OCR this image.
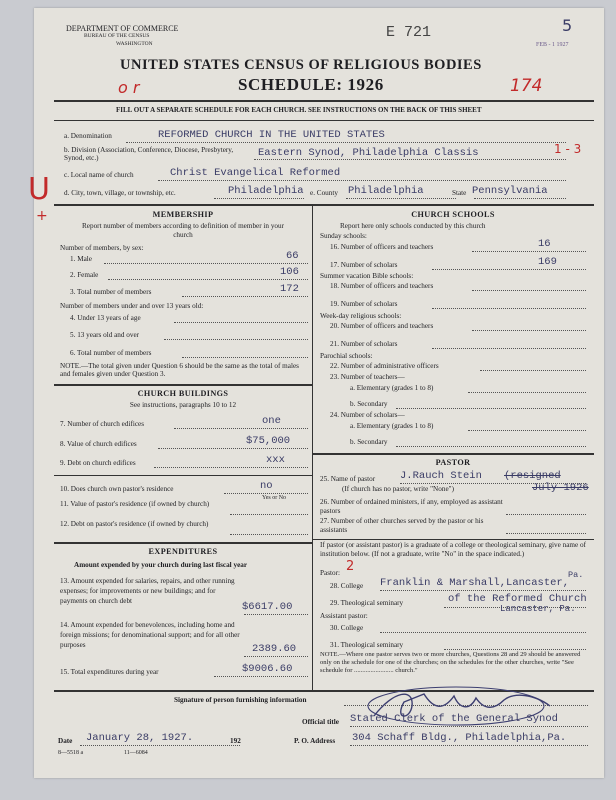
DEPARTMENT OF COMMERCE
BUREAU OF THE CENSUS
WASHINGTON
E 721	5
FEB - 1 1927
UNITED STATES CENSUS OF RELIGIOUS BODIES
SCHEDULE: 1926
o r	174
FILL OUT A SEPARATE SCHEDULE FOR EACH CHURCH. SEE INSTRUCTIONS ON THE BACK OF THIS SHEET
a. Denomination	REFORMED CHURCH IN THE UNITED STATES
b. Division (Association, Conference, Diocese, Presbytery, Synod, etc.)	Eastern Synod, Philadelphia Classis	1 - 3
c. Local name of church	Christ Evangelical Reformed
d. City, town, village, or township, etc.	Philadelphia e. County Philadelphia	State Pennsylvania
U
+	MEMBERSHIP
Report number of members according to definition of member in your church
Number of members, by sex:
1. Male	66
2. Female	106
3. Total number of members	172
Number of members under and over 13 years old:
4. Under 13 years of age
5. 13 years old and over
6. Total number of members
NOTE.—The total given under Question 6 should be the same as the total of males and females given under Question 3.
CHURCH BUILDINGS
See instructions, paragraphs 10 to 12
7. Number of church edifices	one
8. Value of church edifices	$75,000
9. Debt on church edifices	xxx
10. Does church own pastor's residence	no
Yes or No
11. Value of pastor's residence (if owned by church)
12. Debt on pastor's residence (if owned by church)
EXPENDITURES
Amount expended by your church during last fiscal year
13. Amount expended for salaries, repairs, and other running expenses; for improvements or new buildings; and for payments on church debt	$6617.00
14. Amount expended for benevolences, including home and foreign missions; for denominational support; and for all other purposes	2389.60
15. Total expenditures during year	$9006.60
CHURCH SCHOOLS
Report here only schools conducted by this church
Sunday schools:
16. Number of officers and teachers	16
17. Number of scholars	169
Summer vacation Bible schools:
18. Number of officers and teachers
19. Number of scholars
Week-day religious schools:
20. Number of officers and teachers
21. Number of scholars
Parochial schools:
22. Number of administrative officers
23. Number of teachers—
a. Elementary (grades 1 to 8)
b. Secondary
24. Number of scholars—
a. Elementary (grades 1 to 8)
b. Secondary
PASTOR
25. Name of pastor J.Rauch Stein (resigned
July 1926
(If church has no pastor, write "None")
26. Number of ordained ministers, if any, employed as assistant pastors
27. Number of other churches served by the pastor or his assistants
If pastor (or assistant pastor) is a graduate of a college or theological seminary, give name of institution below. (If not a graduate, write "No" in the space indicated.)
Pastor: 2
28. College Franklin & Marshall,Lancaster,
Pa.
29. Theological seminary	of the Reformed Church
Lancaster, Pa.
Assistant pastor:
30. College
31. Theological seminary
NOTE.—Where one pastor serves two or more churches, Questions 28 and 29 should be answered only on the schedule for one of the churches; on the schedules for the other churches, write "See schedule for ........................ church."
Signature of person furnishing information
Official title Stated Clerk of the General Synod
Date January 28, 1927.	192	P. O. Address 304 Schaff Bldg., Philadelphia,Pa.
8—5518 a	11—6084
